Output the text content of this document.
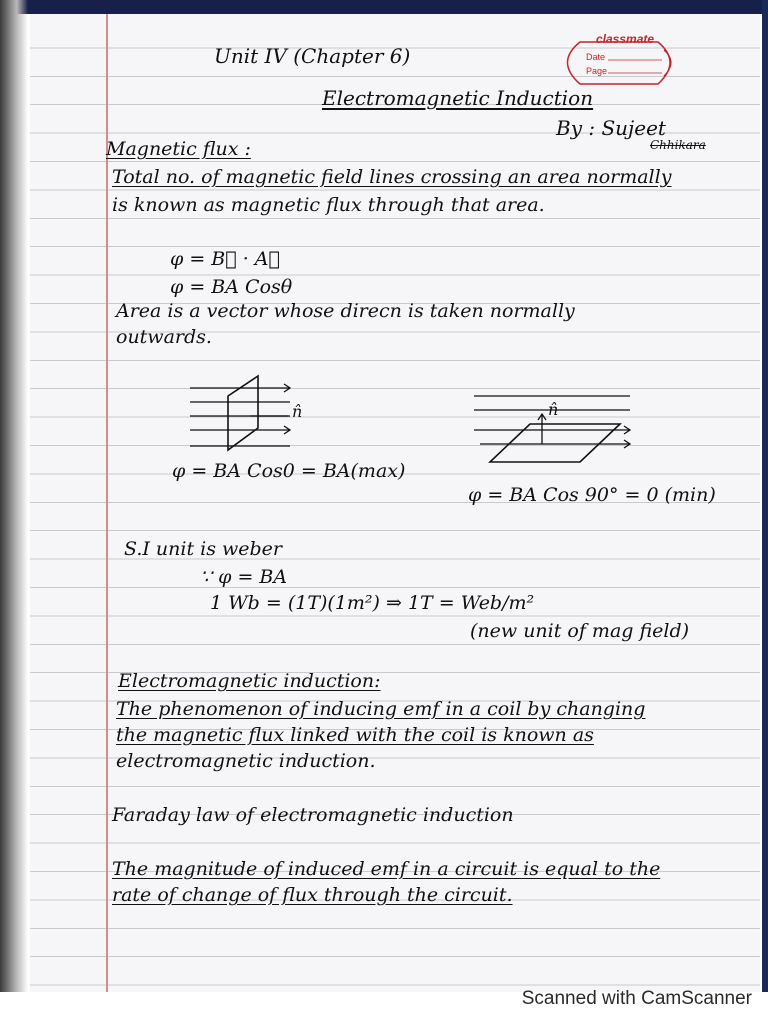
classmate
Date
Page
Unit IV (Chapter 6)
Electromagnetic Induction
By : Sujeet
Chhikara
Magnetic flux :
Total no. of magnetic field lines crossing an area normally
is known as magnetic flux through that area.
φ = B⃗ · A⃗
φ = BA Cosθ
Area is a vector whose direcn is taken normally
outwards.
n̂
φ = BA Cos0 = BA(max)
n̂
φ = BA Cos 90° = 0 (min)
S.I unit is weber
∵ φ = BA
1 Wb = (1T)(1m²) ⇒ 1T = Web/m²
(new unit of mag field)
Electromagnetic induction:
The phenomenon of inducing emf in a coil by changing
the magnetic flux linked with the coil is known as
electromagnetic induction.
Faraday law of electromagnetic induction
The magnitude of induced emf in a circuit is equal to the
rate of change of flux through the circuit.
Scanned with CamScanner
